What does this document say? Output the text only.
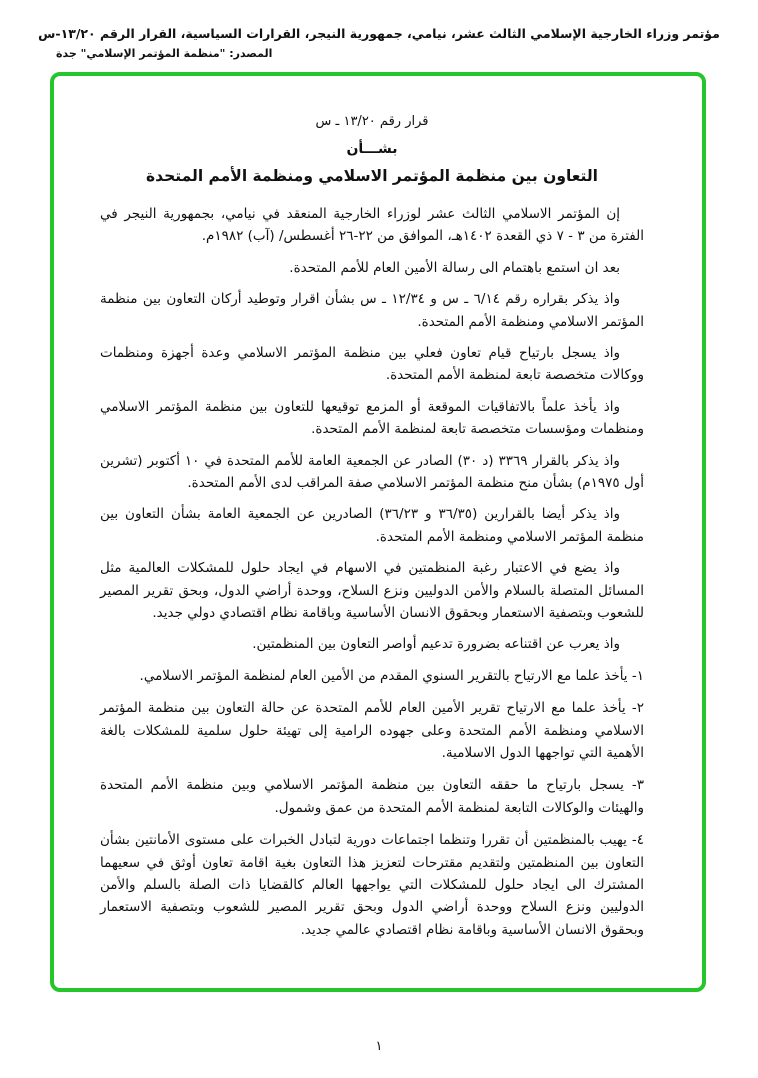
مؤتمر وزراء الخارجية الإسلامي الثالث عشر، نيامي، جمهورية النيجر، القرارات السياسية، القرار الرقم ١٣/٢٠-س
المصدر: "منظمة المؤتمر الإسلامي" جدة

قرار رقم ١٣/٢٠ ـ س

بشـــأن

التعاون بين منظمة المؤتمر الاسلامي ومنظمة الأمم المتحدة

إن المؤتمر الاسلامي الثالث عشر لوزراء الخارجية المنعقد في نيامي، بجمهورية النيجر في الفترة من ٣ - ٧ ذي القعدة ١٤٠٢هـ، الموافق من ٢٢-٢٦ أغسطس/ (آب) ١٩٨٢م.

بعد ان استمع باهتمام الى رسالة الأمين العام للأمم المتحدة.

واذ يذكر بقراره رقم ٦/١٤ ـ س و ١٢/٣٤ ـ س بشأن اقرار وتوطيد أركان التعاون بين منظمة المؤتمر الاسلامي ومنظمة الأمم المتحدة.

واذ يسجل بارتياح قيام تعاون فعلي بين منظمة المؤتمر الاسلامي وعدة أجهزة ومنظمات ووكالات متخصصة تابعة لمنظمة الأمم المتحدة.

واذ يأخذ علماً بالاتفاقيات الموقعة أو المزمع توقيعها للتعاون بين منظمة المؤتمر الاسلامي ومنظمات ومؤسسات متخصصة تابعة لمنظمة الأمم المتحدة.

واذ يذكر بالقرار ٣٣٦٩ (د ٣٠) الصادر عن الجمعية العامة للأمم المتحدة في ١٠ أكتوبر (تشرين أول ١٩٧٥م) بشأن منح منظمة المؤتمر الاسلامي صفة المراقب لدى الأمم المتحدة.

واذ يذكر أيضا بالقرارين (٣٦/٣٥ و ٣٦/٢٣) الصادرين عن الجمعية العامة بشأن التعاون بين منظمة المؤتمر الاسلامي ومنظمة الأمم المتحدة.

واذ يضع في الاعتبار رغبة المنظمتين في الاسهام في ايجاد حلول للمشكلات العالمية مثل المسائل المتصلة بالسلام والأمن الدوليين ونزع السلاح، ووحدة أراضي الدول، وبحق تقرير المصير للشعوب وبتصفية الاستعمار وبحقوق الانسان الأساسية وباقامة نظام اقتصادي دولي جديد.

واذ يعرب عن اقتناعه بضرورة تدعيم أواصر التعاون بين المنظمتين.

١- يأخذ علما مع الارتياح بالتقرير السنوي المقدم من الأمين العام لمنظمة المؤتمر الاسلامي.

٢- يأخذ علما مع الارتياح تقرير الأمين العام للأمم المتحدة عن حالة التعاون بين منظمة المؤتمر الاسلامي ومنظمة الأمم المتحدة وعلى جهوده الرامية إلى تهيئة حلول سلمية للمشكلات بالغة الأهمية التي تواجهها الدول الاسلامية.

٣- يسجل بارتياح ما حققه التعاون بين منظمة المؤتمر الاسلامي وبين منظمة الأمم المتحدة والهيئات والوكالات التابعة لمنظمة الأمم المتحدة من عمق وشمول.

٤- يهيب بالمنظمتين أن تقررا وتنظما اجتماعات دورية لتبادل الخبرات على مستوى الأمانتين بشأن التعاون بين المنظمتين ولتقديم مقترحات لتعزيز هذا التعاون بغية اقامة تعاون أوثق في سعيهما المشترك الى ايجاد حلول للمشكلات التي يواجهها العالم كالقضايا ذات الصلة بالسلم والأمن الدوليين ونزع السلاح ووحدة أراضي الدول وبحق تقرير المصير للشعوب وبتصفية الاستعمار وبحقوق الانسان الأساسية وباقامة نظام اقتصادي عالمي جديد.

١
